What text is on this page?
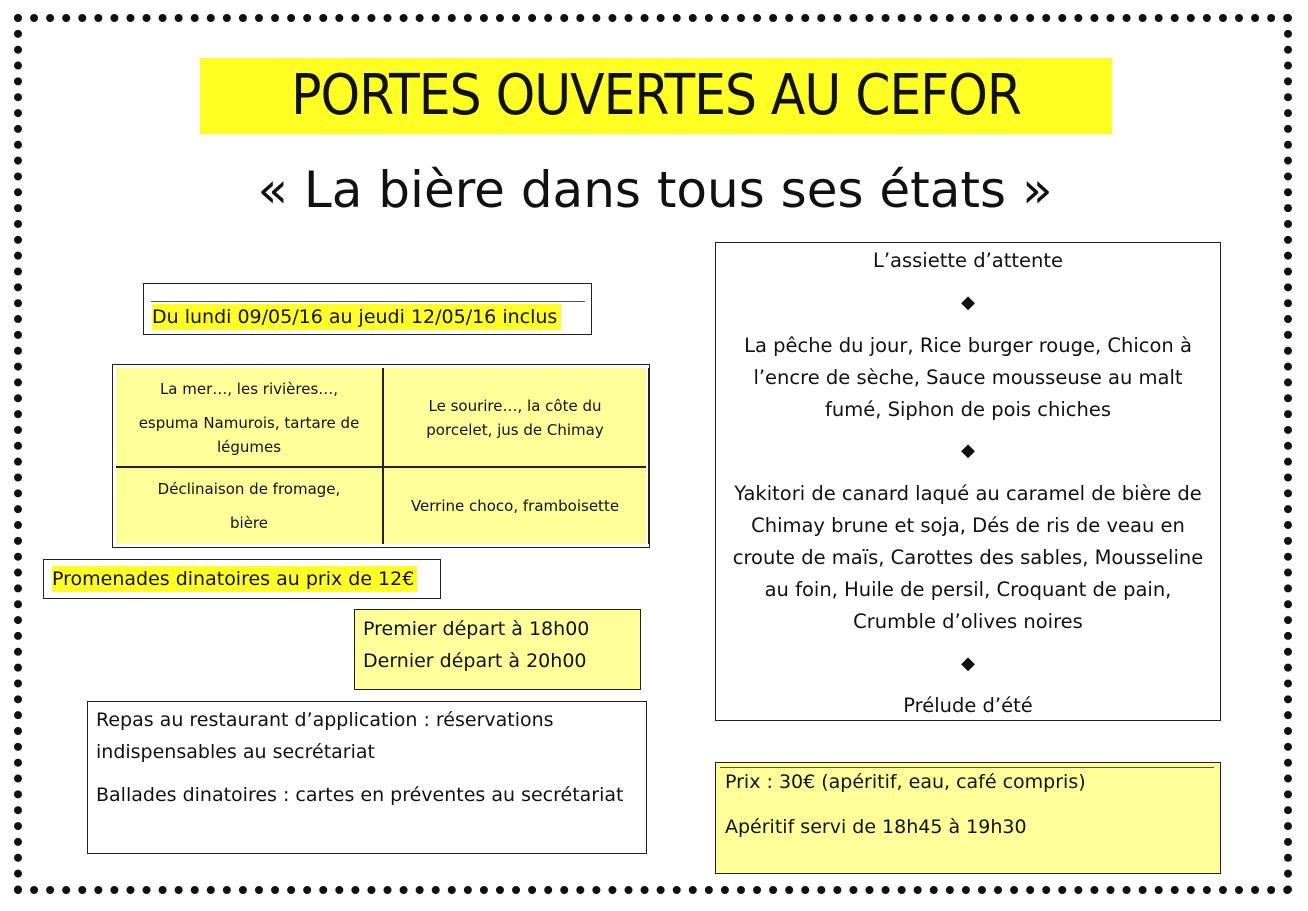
PORTES OUVERTES AU CEFOR
« La bière dans tous ses états »
Du lundi 09/05/16 au jeudi 12/05/16 inclus
La mer…, les rivières…,
espuma Namurois, tartare de légumes
Le sourire…, la côte du porcelet, jus de Chimay
Déclinaison de fromage,
bière
Verrine choco, framboisette
Promenades dinatoires au prix de 12€
Premier départ à 18h00
Dernier départ à 20h00

Repas au restaurant d’application : réservations indispensables au secrétariat

Ballades dinatoires : cartes en préventes au secrétariat

L’assiette d’attente
◆
La pêche du jour, Rice burger rouge, Chicon à
l’encre de sèche, Sauce mousseuse au malt
fumé, Siphon de pois chiches
◆
Yakitori de canard laqué au caramel de bière de
Chimay brune et soja, Dés de ris de veau en
croute de maïs, Carottes des sables, Mousseline
au foin, Huile de persil, Croquant de pain,
Crumble d’olives noires
◆
Prélude d’été
Prix : 30€ (apéritif, eau, café compris)
Apéritif servi de 18h45 à 19h30
